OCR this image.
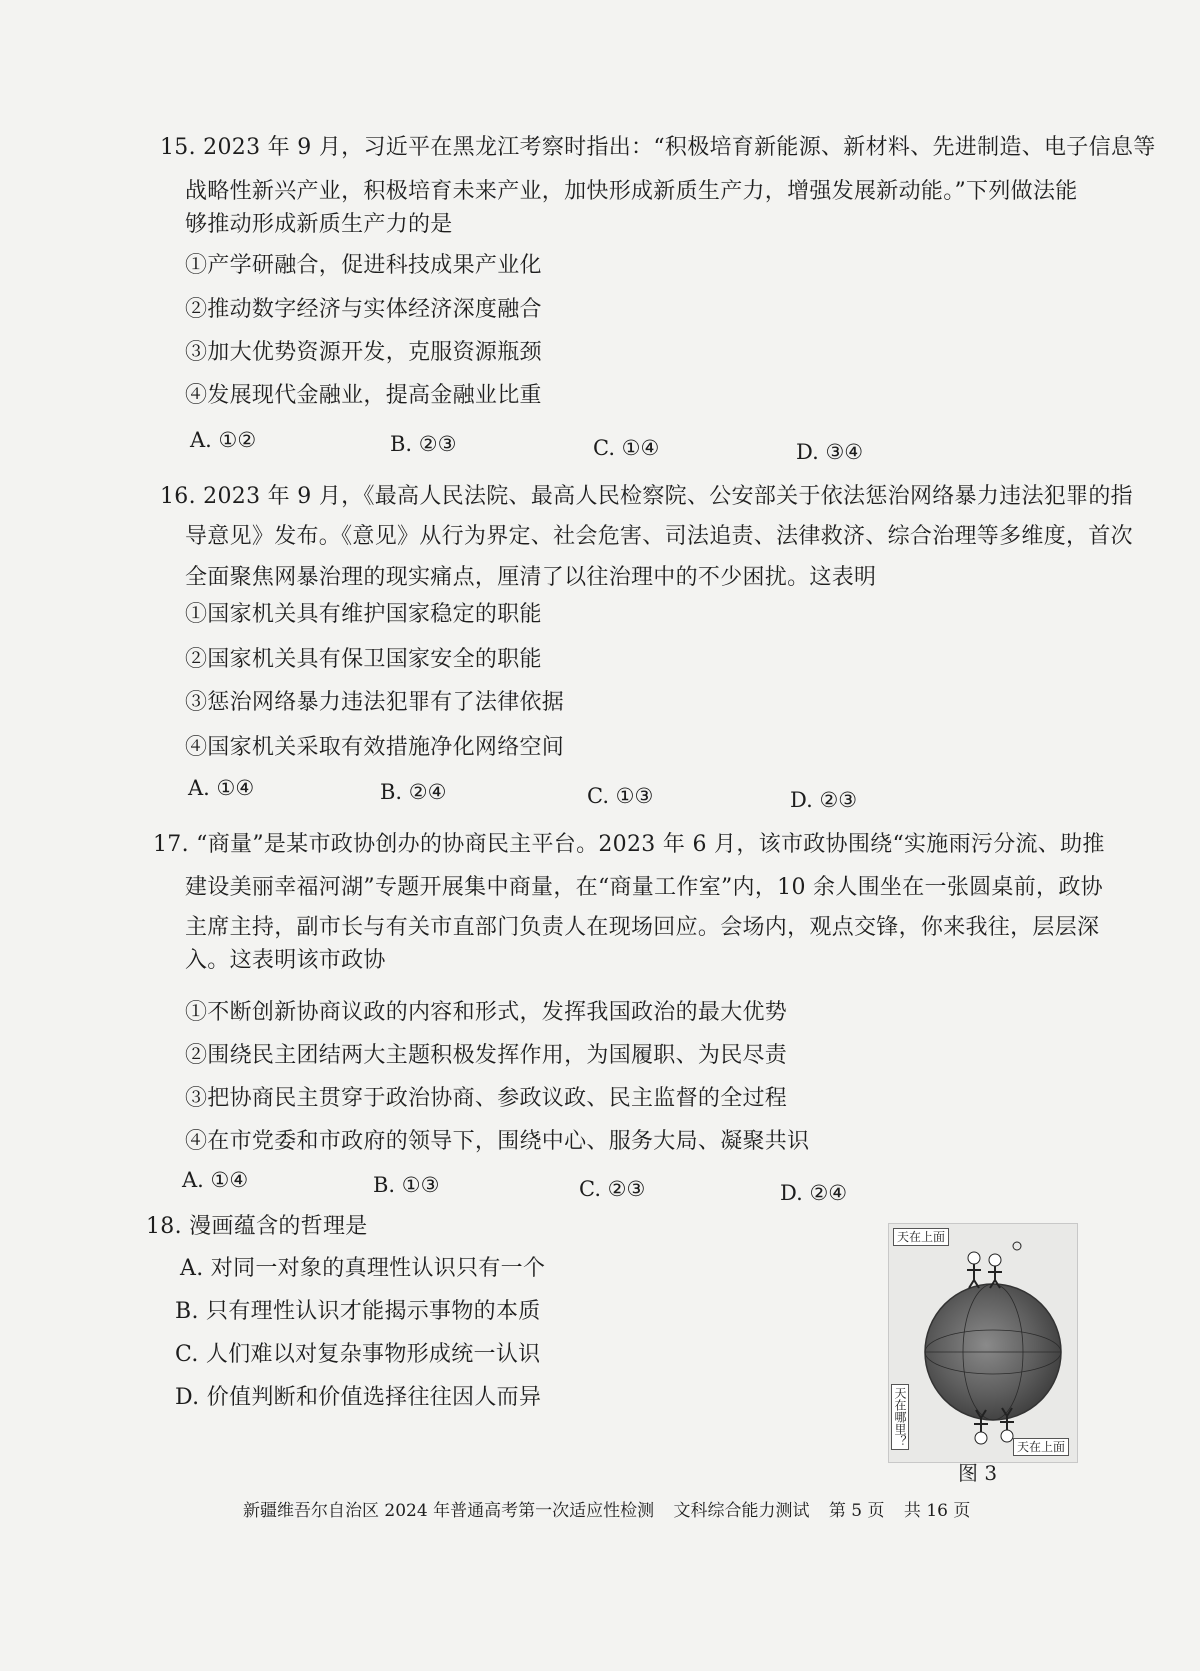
15. 2023 年 9 月，习近平在黑龙江考察时指出：“积极培育新能源、新材料、先进制造、电子信息等
战略性新兴产业，积极培育未来产业，加快形成新质生产力，增强发展新动能。”下列做法能
够推动形成新质生产力的是
①产学研融合，促进科技成果产业化
②推动数字经济与实体经济深度融合
③加大优势资源开发，克服资源瓶颈
④发展现代金融业，提高金融业比重
A. ①②	B. ②③	C. ①④	D. ③④
16. 2023 年 9 月，《最高人民法院、最高人民检察院、公安部关于依法惩治网络暴力违法犯罪的指
导意见》发布。《意见》从行为界定、社会危害、司法追责、法律救济、综合治理等多维度，首次
全面聚焦网暴治理的现实痛点，厘清了以往治理中的不少困扰。这表明
①国家机关具有维护国家稳定的职能
②国家机关具有保卫国家安全的职能
③惩治网络暴力违法犯罪有了法律依据
④国家机关采取有效措施净化网络空间
A. ①④	B. ②④	C. ①③	D. ②③
17. “商量”是某市政协创办的协商民主平台。2023 年 6 月，该市政协围绕“实施雨污分流、助推
建设美丽幸福河湖”专题开展集中商量，在“商量工作室”内，10 余人围坐在一张圆桌前，政协
主席主持，副市长与有关市直部门负责人在现场回应。会场内，观点交锋，你来我往，层层深
入。这表明该市政协
①不断创新协商议政的内容和形式，发挥我国政治的最大优势
②围绕民主团结两大主题积极发挥作用，为国履职、为民尽责
③把协商民主贯穿于政治协商、参政议政、民主监督的全过程
④在市党委和市政府的领导下，围绕中心、服务大局、凝聚共识
A. ①④	B. ①③	C. ②③	D. ②④
18. 漫画蕴含的哲理是
A. 对同一对象的真理性认识只有一个
B. 只有理性认识才能揭示事物的本质
C. 人们难以对复杂事物形成统一认识
D. 价值判断和价值选择往往因人而异
天在上面
天在哪里？	天在上面
图 3
新疆维吾尔自治区 2024 年普通高考第一次适应性检测 文科综合能力测试 第 5 页 共 16 页
